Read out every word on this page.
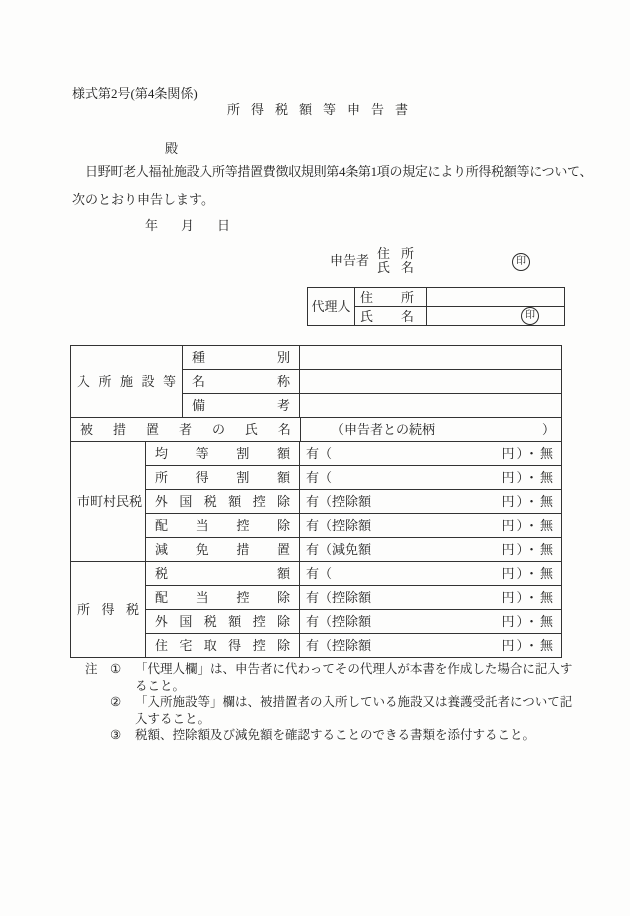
様式第2号(第4条関係)
所得税額等申告書
殿
日野町老人福祉施設入所等措置費徴収規則第4条第1項の規定により所得税額等について、
次のとおり申告します。
年　月　日
申告者 住 所
氏 名	印
代理人
住 所
氏 名	印
入 所 施 設 等
種	別
名	称
備	考
被 措 置 者 の 氏 名	（申告者との続柄	）
市 町 村 民 税
均 等 割 額 有（	円）・無
所 得 割 額 有（	円）・無
外 国 税 額 控 除 有（控除額	円）・無
配 当 控 除 有（控除額	円）・無
減 免 措 置 有（減免額	円）・無
所 得 税
税	額 有（	円）・無
配 当 控 除 有（控除額	円）・無
外 国 税 額 控 除 有（控除額	円）・無
住 宅 取 得 控 除 有（控除額	円）・無
注 ①	「代理人欄」は、申告者に代わってその代理人が本書を作成した場合に記入すること。

②	「入所施設等」欄は、被措置者の入所している施設又は養護受託者について記入すること。

③	税額、控除額及び減免額を確認することのできる書類を添付すること。
